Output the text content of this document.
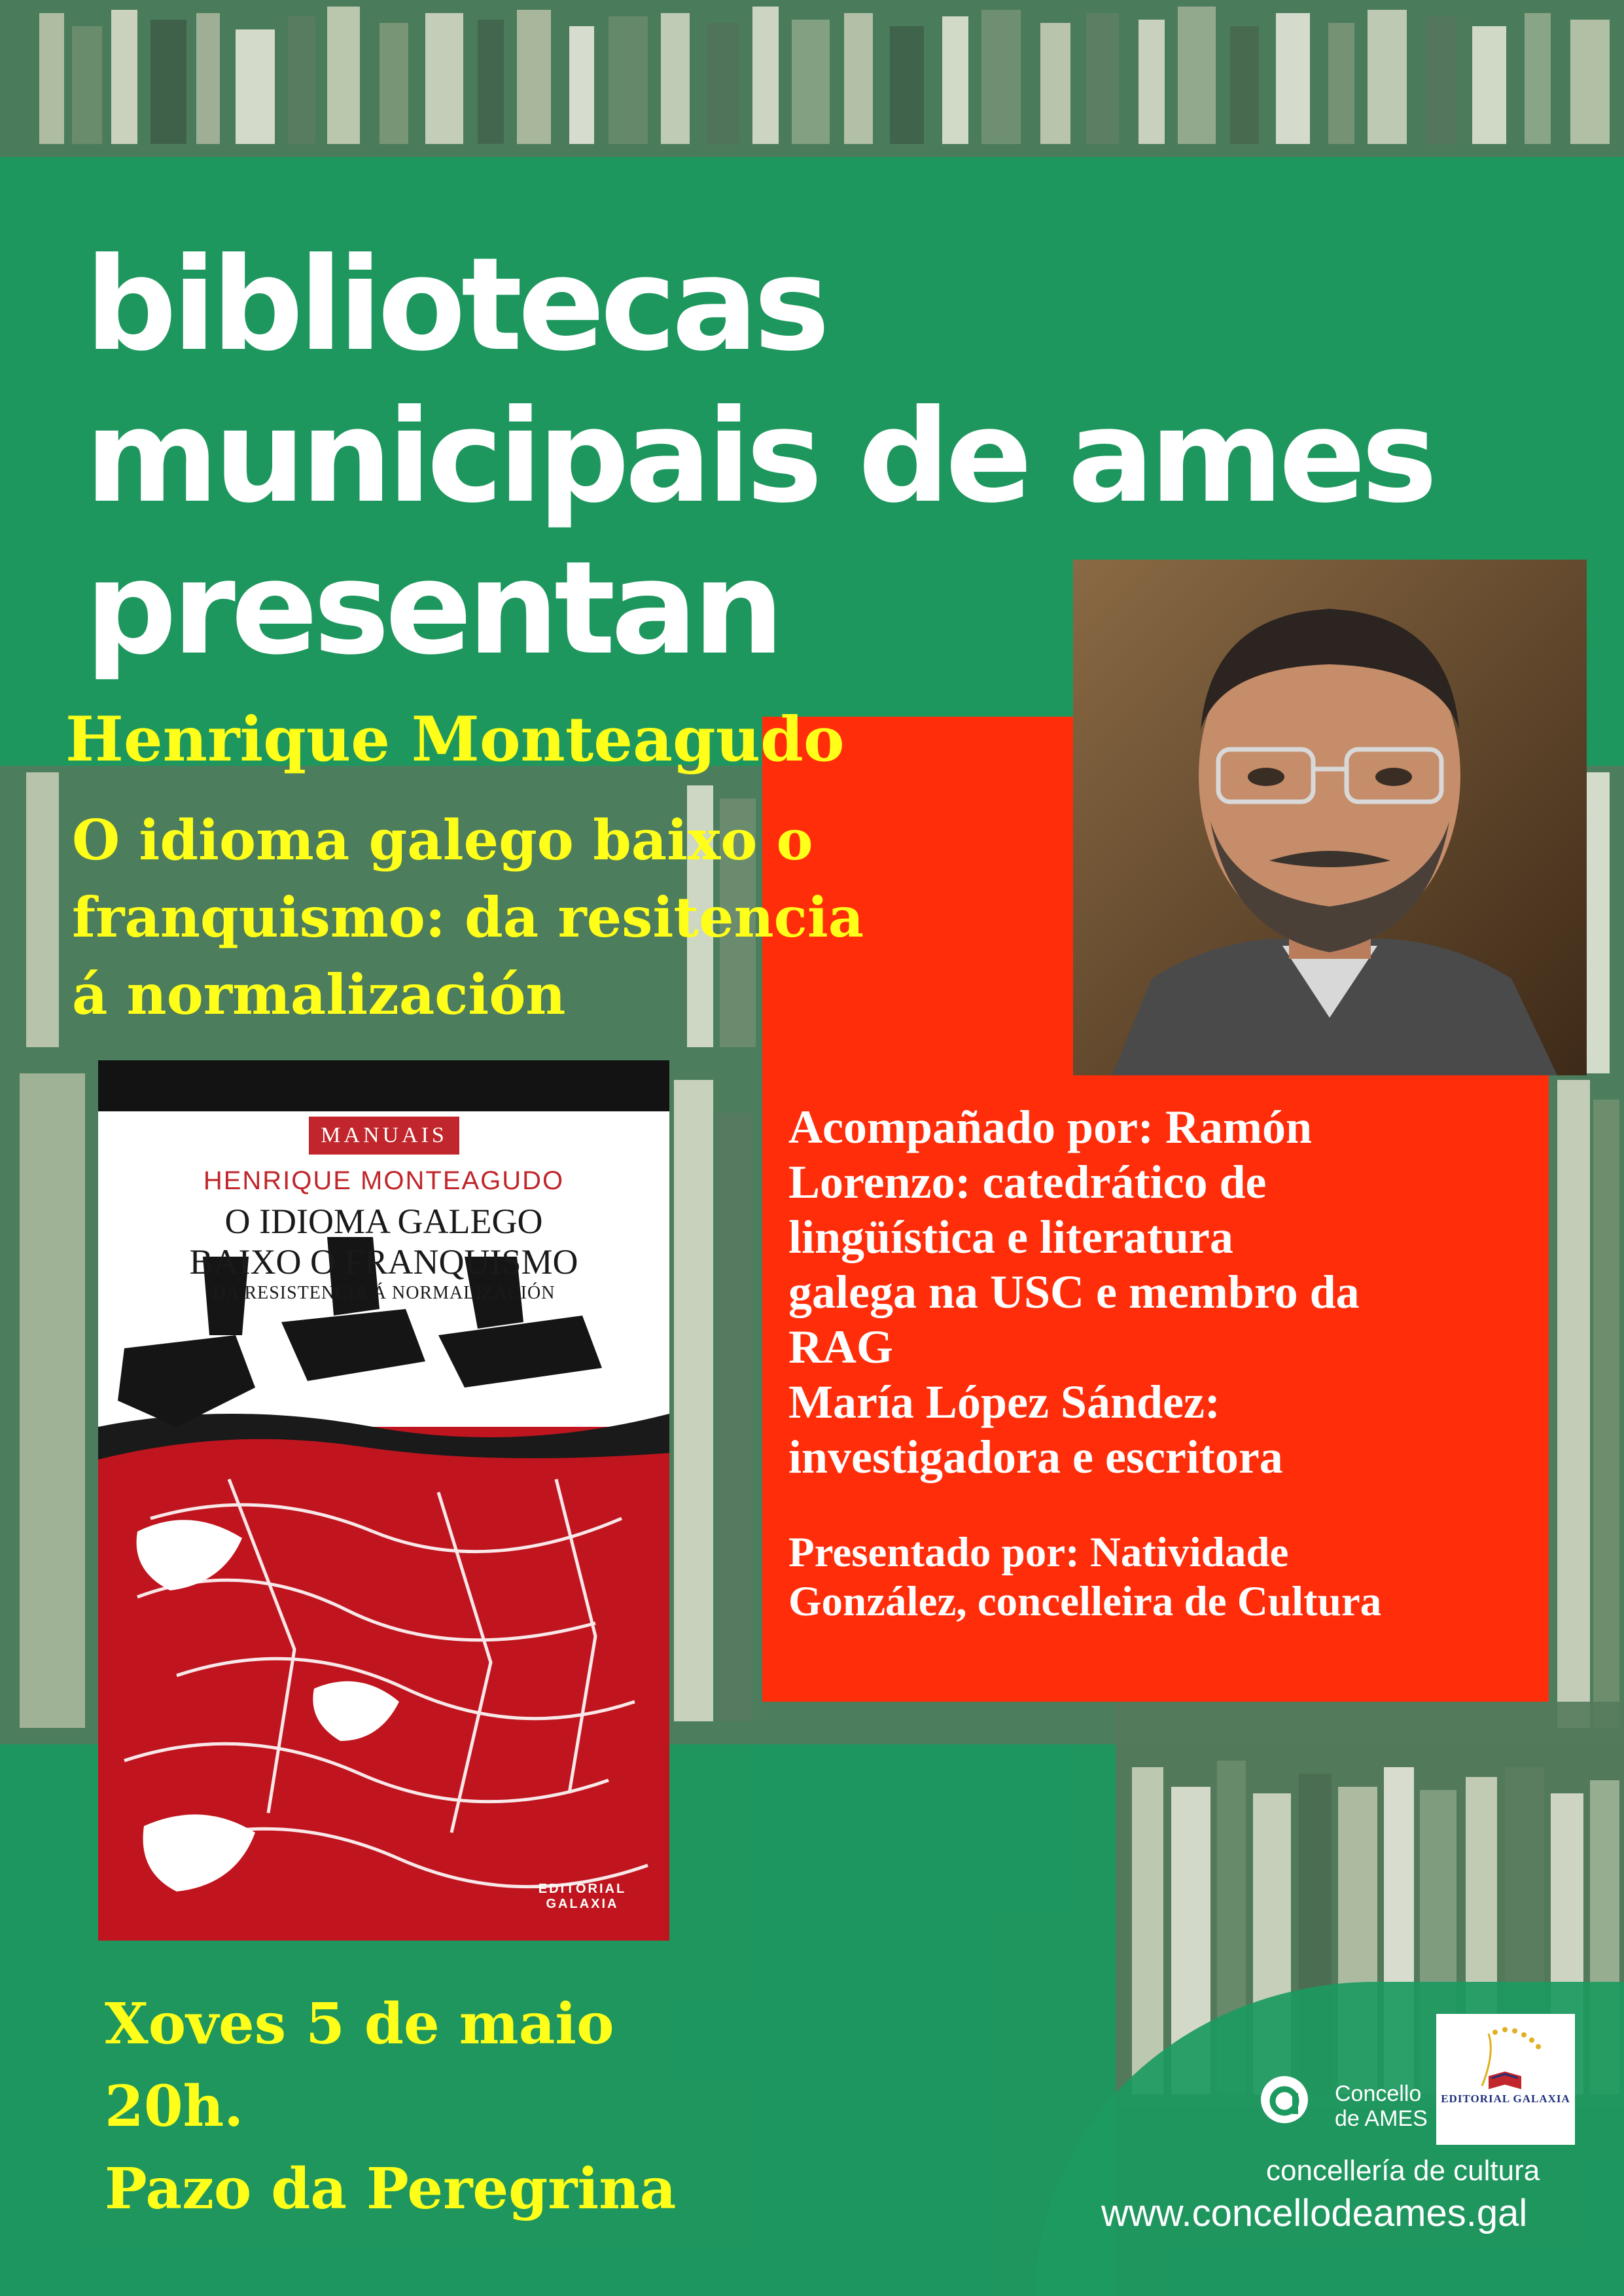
bibliotecas
municipais de ames
presentan
Henrique Monteagudo
O idioma galego baixo o
franquismo: da resitencia
á normalización

Acompañado por: Ramón
Lorenzo: catedrático de
lingüística e literatura
galega na USC e membro da
RAG
María López Sández:
investigadora e escritora

Presentado por: Natividade
González, concelleira de Cultura

MANUAIS
HENRIQUE MONTEAGUDO
O IDIOMA GALEGO
BAIXO O FRANQUISMO
DA RESISTENCIA Á NORMALIZACIÓN
EDITORIAL GALAXIA

Xoves 5 de maio
20h.
Pazo da Peregrina

Concello
de AMES
EDITORIAL GALAXIA
concellería de cultura
www.concellodeames.gal
